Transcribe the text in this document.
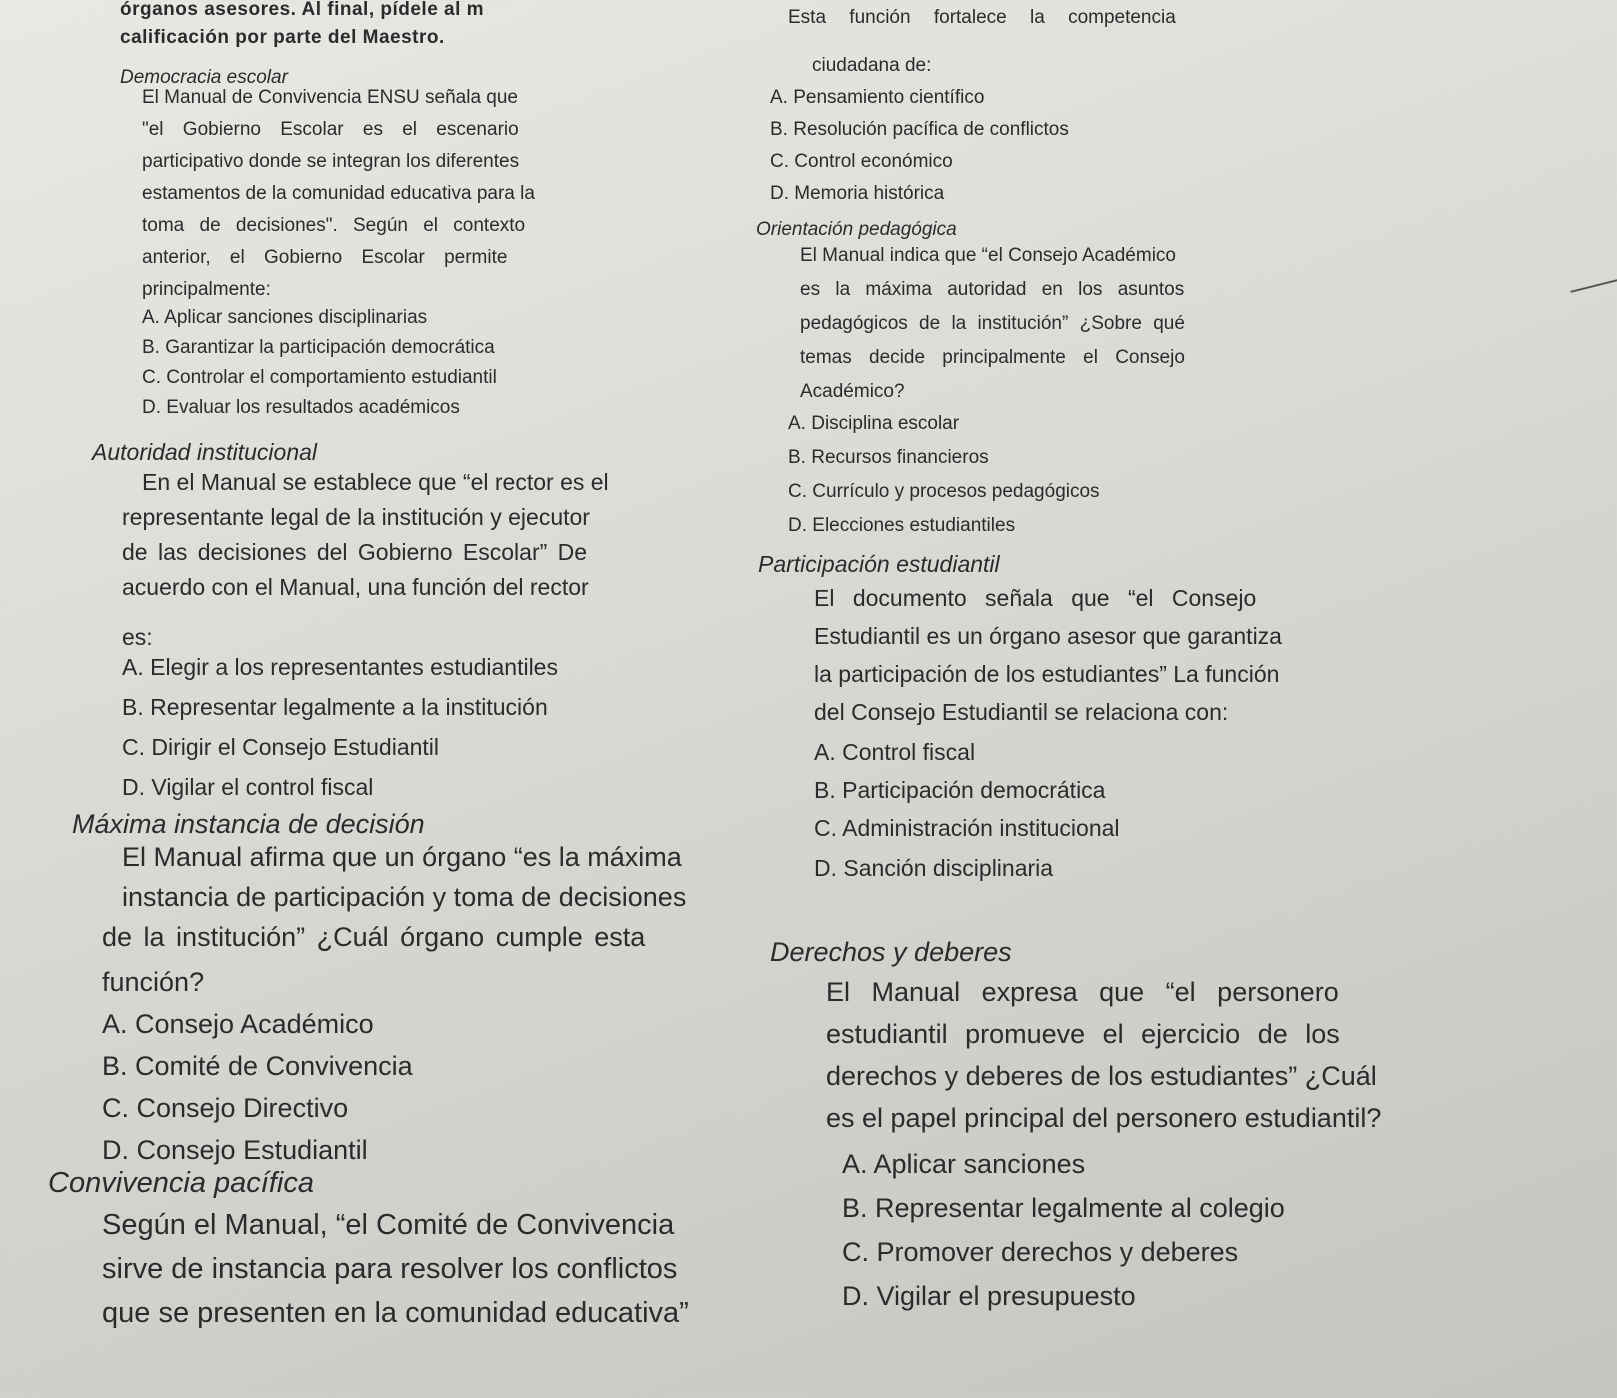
órganos asesores. Al final, pídele al m
calificación por parte del Maestro.
Democracia escolar
El Manual de Convivencia ENSU señala que
"el Gobierno Escolar es el escenario
participativo donde se integran los diferentes
estamentos de la comunidad educativa para la
toma de decisiones". Según el contexto
anterior, el Gobierno Escolar permite
principalmente:
A. Aplicar sanciones disciplinarias
B. Garantizar la participación democrática
C. Controlar el comportamiento estudiantil
D. Evaluar los resultados académicos
Autoridad institucional
En el Manual se establece que “el rector es el
representante legal de la institución y ejecutor
de las decisiones del Gobierno Escolar” De
acuerdo con el Manual, una función del rector
es:
A. Elegir a los representantes estudiantiles
B. Representar legalmente a la institución
C. Dirigir el Consejo Estudiantil
D. Vigilar el control fiscal
Máxima instancia de decisión
El Manual afirma que un órgano “es la máxima
instancia de participación y toma de decisiones
de la institución” ¿Cuál órgano cumple esta
función?
A. Consejo Académico
B. Comité de Convivencia
C. Consejo Directivo
D. Consejo Estudiantil
Convivencia pacífica
Según el Manual, “el Comité de Convivencia
sirve de instancia para resolver los conflictos
que se presenten en la comunidad educativa”
Esta función fortalece la competencia
ciudadana de:
A. Pensamiento científico
B. Resolución pacífica de conflictos
C. Control económico
D. Memoria histórica
Orientación pedagógica
El Manual indica que “el Consejo Académico
es la máxima autoridad en los asuntos
pedagógicos de la institución” ¿Sobre qué
temas decide principalmente el Consejo
Académico?
A. Disciplina escolar
B. Recursos financieros
C. Currículo y procesos pedagógicos
D. Elecciones estudiantiles
Participación estudiantil
El documento señala que “el Consejo
Estudiantil es un órgano asesor que garantiza
la participación de los estudiantes” La función
del Consejo Estudiantil se relaciona con:
A. Control fiscal
B. Participación democrática
C. Administración institucional
D. Sanción disciplinaria
Derechos y deberes
El Manual expresa que “el personero
estudiantil promueve el ejercicio de los
derechos y deberes de los estudiantes” ¿Cuál
es el papel principal del personero estudiantil?
A. Aplicar sanciones
B. Representar legalmente al colegio
C. Promover derechos y deberes
D. Vigilar el presupuesto
